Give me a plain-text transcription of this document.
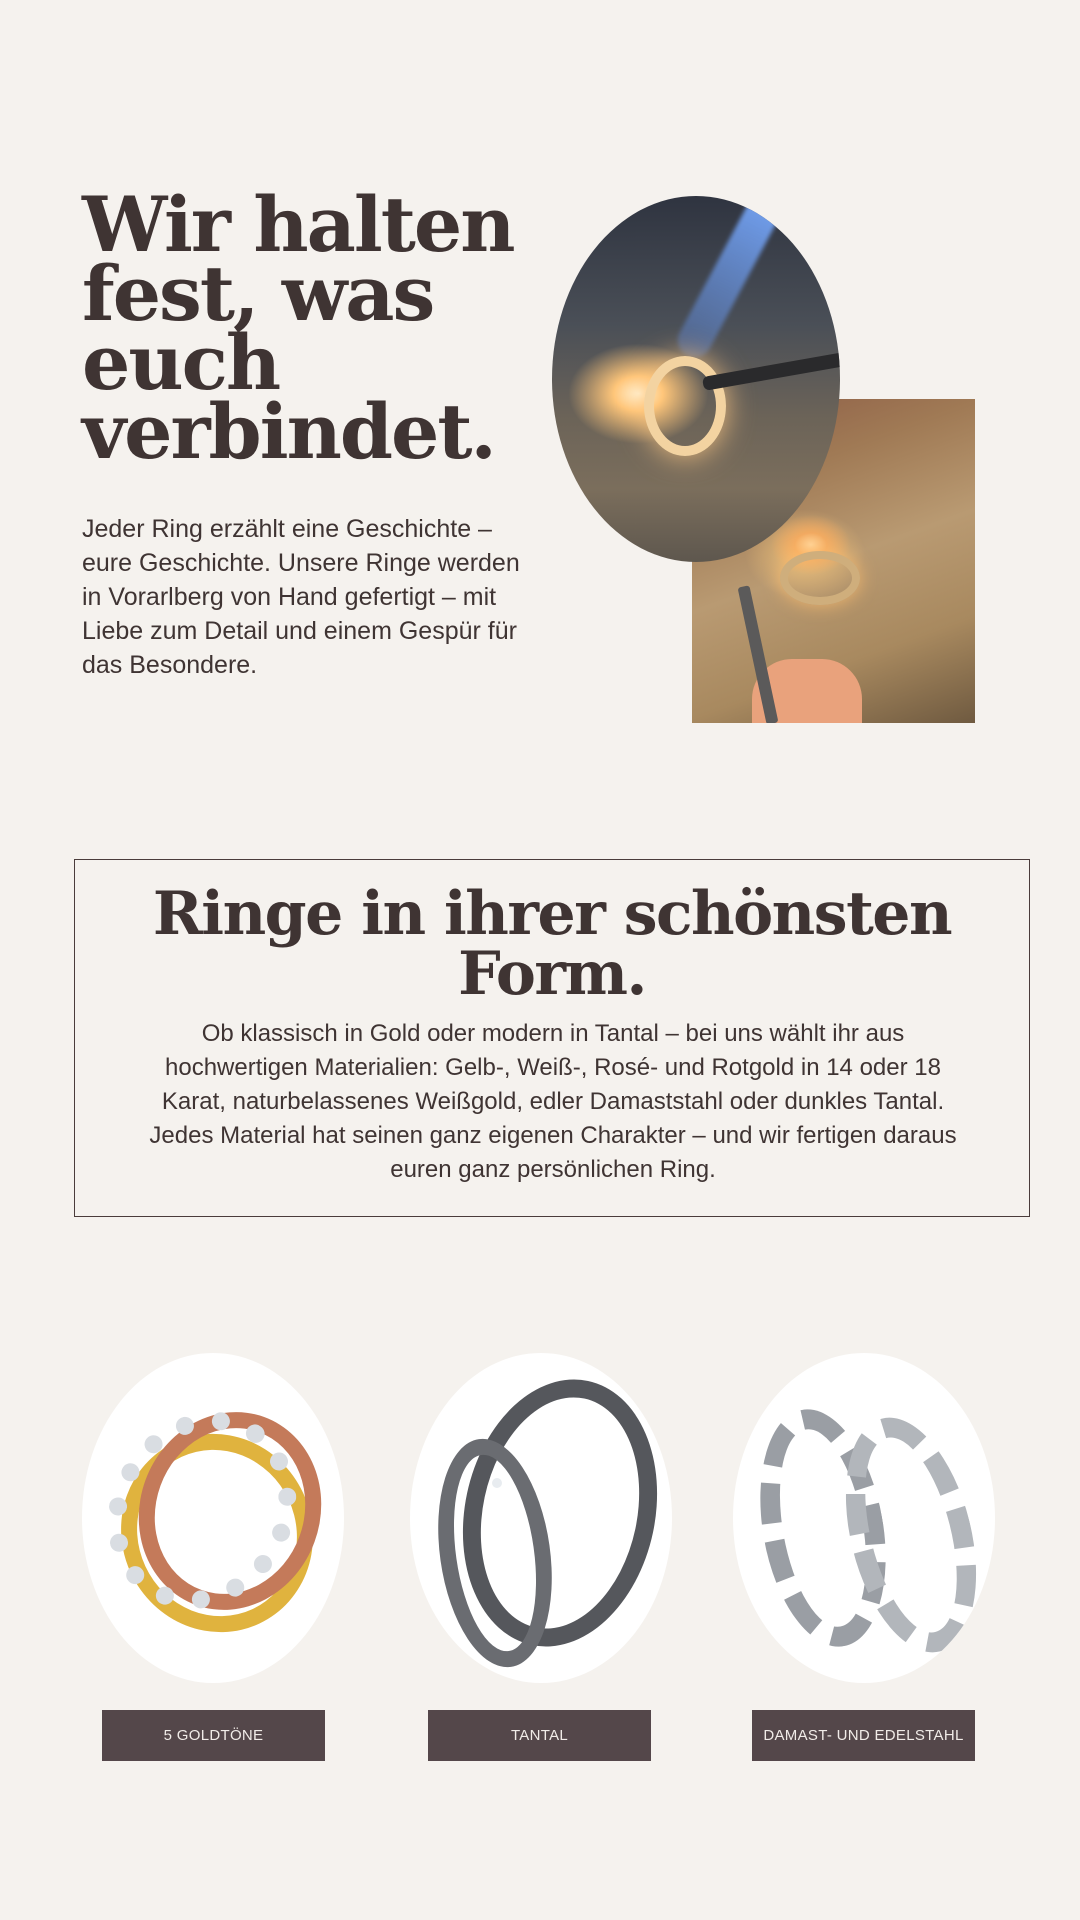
Wir halten
fest, was
euch
verbindet.

Jeder Ring erzählt eine Geschichte – eure Geschichte. Unsere Ringe werden in Vorarlberg von Hand gefertigt – mit Liebe zum Detail und einem Gespür für das Besondere.

Ringe in ihrer schönsten Form.

Ob klassisch in Gold oder modern in Tantal – bei uns wählt ihr aus hochwertigen Materialien: Gelb-, Weiß-, Rosé- und Rotgold in 14 oder 18 Karat, naturbelassenes Weißgold, edler Damaststahl oder dunkles Tantal. Jedes Material hat seinen ganz eigenen Charakter – und wir fertigen daraus euren ganz persönlichen Ring.

5 GOLDTÖNE	TANTAL	DAMAST- UND EDELSTAHL
